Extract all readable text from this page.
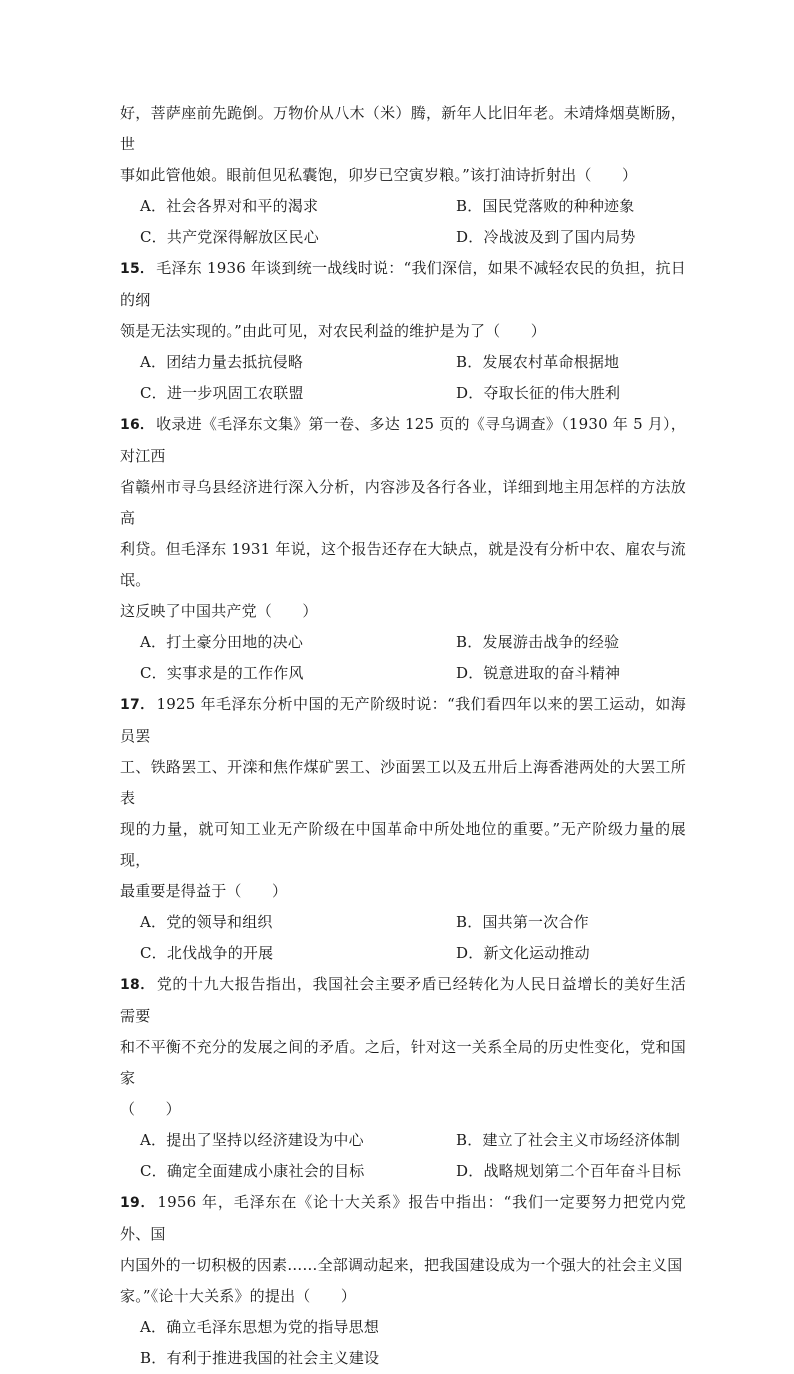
好，菩萨座前先跪倒。万物价从八木（米）腾，新年人比旧年老。未靖烽烟莫断肠，世

事如此管他娘。眼前但见私囊饱，卯岁已空寅岁粮。”该打油诗折射出（　　）

A．社会各界对和平的渴求	B．国民党落败的种种迹象
C．共产党深得解放区民心	D．冷战波及到了国内局势

15． 毛泽东 1936 年谈到统一战线时说：“我们深信，如果不减轻农民的负担，抗日的纲

领是无法实现的。”由此可见，对农民利益的维护是为了（　　）

A．团结力量去抵抗侵略	B．发展农村革命根据地
C．进一步巩固工农联盟	D．夺取长征的伟大胜利

16． 收录进《毛泽东文集》第一卷、多达 125 页的《寻乌调查》（1930 年 5 月），对江西

省赣州市寻乌县经济进行深入分析，内容涉及各行各业，详细到地主用怎样的方法放高

利贷。但毛泽东 1931 年说，这个报告还存在大缺点，就是没有分析中农、雇农与流氓。

这反映了中国共产党（　　）

A．打土豪分田地的决心	B．发展游击战争的经验
C．实事求是的工作作风	D．锐意进取的奋斗精神

17． 1925 年毛泽东分析中国的无产阶级时说：“我们看四年以来的罢工运动，如海员罢

工、铁路罢工、开滦和焦作煤矿罢工、沙面罢工以及五卅后上海香港两处的大罢工所表

现的力量，就可知工业无产阶级在中国革命中所处地位的重要。”无产阶级力量的展现，

最重要是得益于（　　）

A．党的领导和组织	B．国共第一次合作
C．北伐战争的开展	D．新文化运动推动

18． 党的十九大报告指出，我国社会主要矛盾已经转化为人民日益增长的美好生活需要

和不平衡不充分的发展之间的矛盾。之后，针对这一关系全局的历史性变化，党和国家

（　　）

A．提出了坚持以经济建设为中心	B．建立了社会主义市场经济体制
C．确定全面建成小康社会的目标	D．战略规划第二个百年奋斗目标

19． 1956 年，毛泽东在《论十大关系》报告中指出：“我们一定要努力把党内党外、国

内国外的一切积极的因素……全部调动起来，把我国建设成为一个强大的社会主义国

家。”《论十大关系》的提出（　　）

A．确立毛泽东思想为党的指导思想
B．有利于推进我国的社会主义建设
